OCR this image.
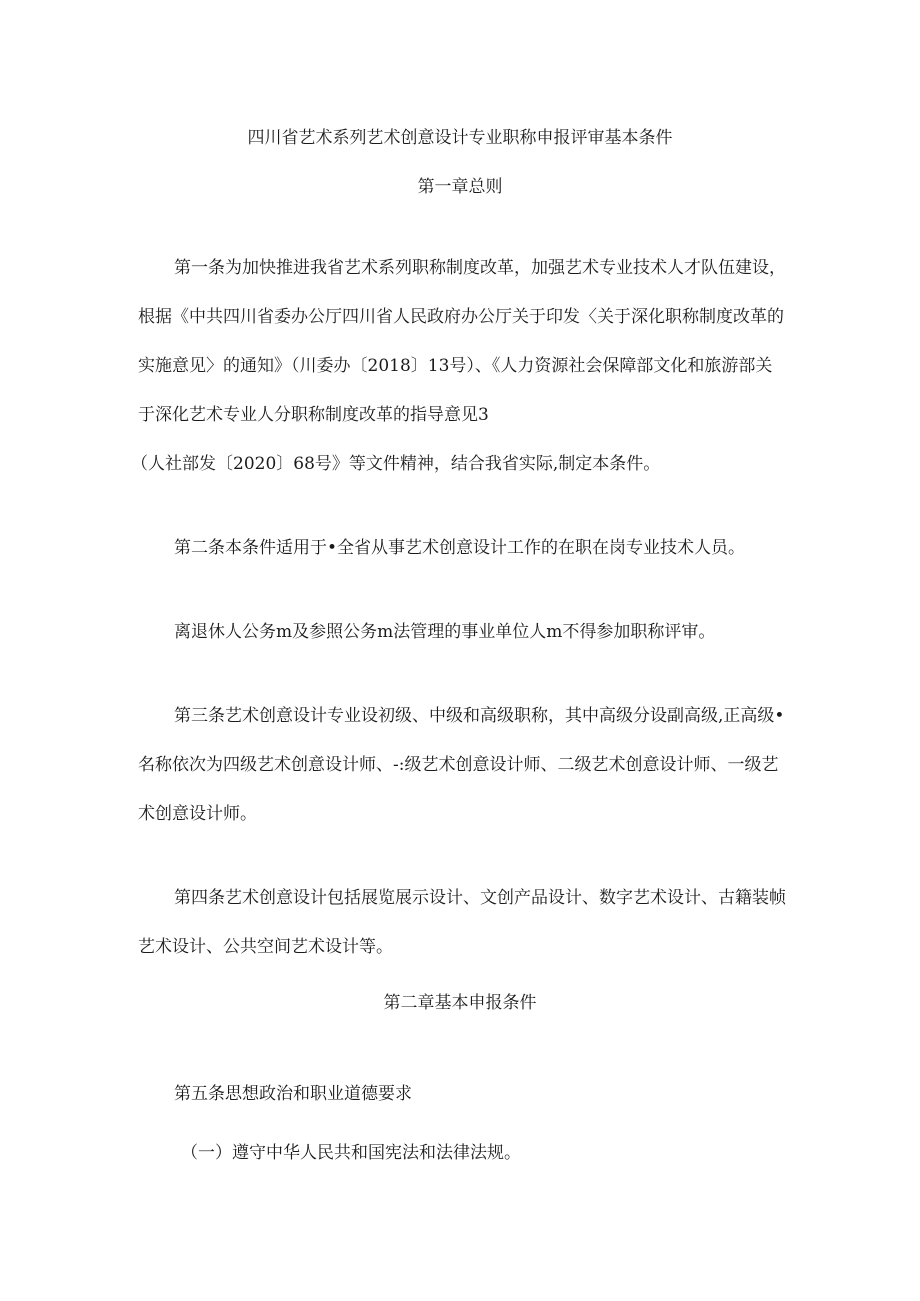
四川省艺术系列艺术创意设计专业职称申报评审基本条件
第一章总则
第一条为加快推进我省艺术系列职称制度改革，加强艺术专业技术人才队伍建设，
根据《中共四川省委办公厅四川省人民政府办公厅关于印发〈关于深化职称制度改革的
实施意见〉的通知》（川委办〔2018〕13号）、《人力资源社会保障部文化和旅游部关
于深化艺术专业人分职称制度改革的指导意见3
（人社部发〔2020〕68号》等文件精神，结合我省实际,制定本条件。
第二条本条件适用于•全省从事艺术创意设计工作的在职在岗专业技术人员。
离退休人公务m及参照公务m法管理的事业单位人m不得参加职称评审。
第三条艺术创意设计专业设初级、中级和高级职称，其中高级分设副高级,正高级•
名称依次为四级艺术创意设计师、-:级艺术创意设计师、二级艺术创意设计师、一级艺
术创意设计师。
第四条艺术创意设计包括展览展示设计、文创产品设计、数字艺术设计、古籍装帧
艺术设计、公共空间艺术设计等。
第二章基本申报条件
第五条思想政治和职业道德要求
（一）遵守中华人民共和国宪法和法律法规。
